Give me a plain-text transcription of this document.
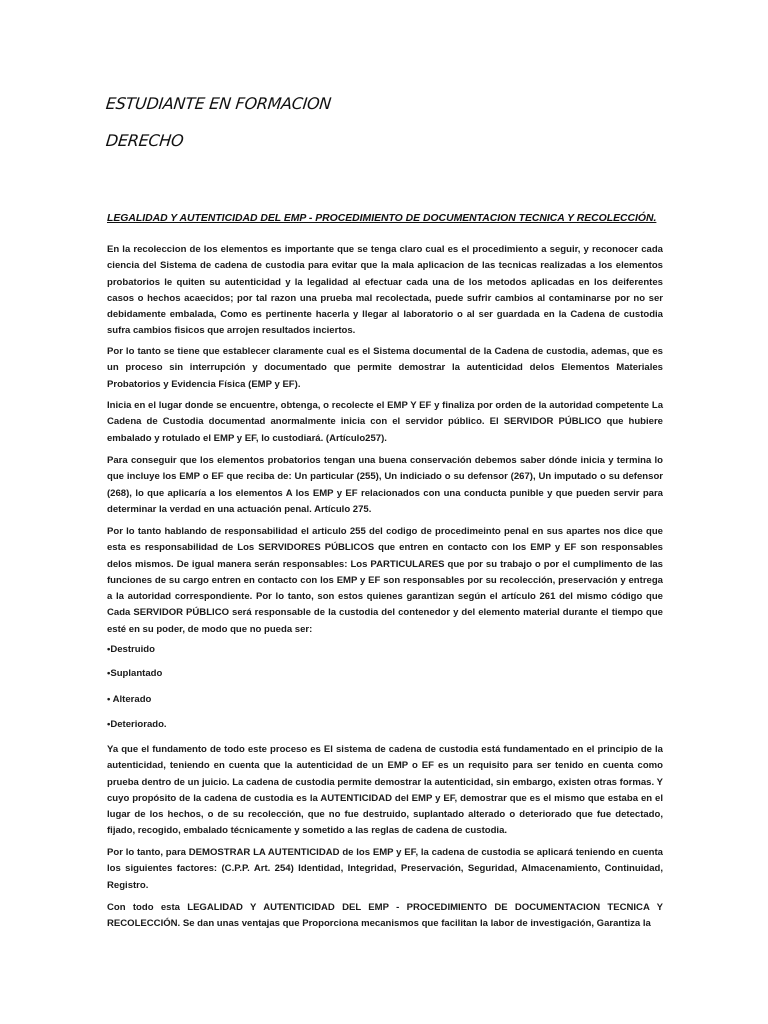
ESTUDIANTE EN FORMACION
DERECHO
LEGALIDAD Y AUTENTICIDAD DEL EMP - PROCEDIMIENTO DE DOCUMENTACION TECNICA Y RECOLECCIÓN.
En la recoleccion de los elementos es importante que se tenga claro cual es el procedimiento a seguir, y reconocer cada ciencia del Sistema de cadena de custodia para evitar que la mala aplicacion de las tecnicas realizadas a los elementos probatorios le quiten su autenticidad y la legalidad al efectuar cada una de los metodos aplicadas en los deiferentes casos o hechos acaecidos; por tal razon una prueba mal recolectada, puede sufrir cambios al contaminarse por no ser debidamente embalada, Como es pertinente hacerla y llegar al laboratorio o al ser guardada en la Cadena de custodia sufra cambios fisicos que arrojen resultados inciertos.
Por lo tanto se tiene que establecer claramente cual es el Sistema documental de la Cadena de custodia, ademas, que es un proceso sin interrupción y documentado que permite demostrar la autenticidad delos Elementos Materiales Probatorios y Evidencia Física (EMP y EF).
Inicia en el lugar donde se encuentre, obtenga, o recolecte el EMP Y EF y finaliza por orden de la autoridad competente La Cadena de Custodia documentad anormalmente inicia con el servidor público. El SERVIDOR PÚBLICO que hubiere embalado y rotulado el EMP y EF, lo custodiará. (Artículo257).
Para conseguir que los elementos probatorios tengan una buena conservación debemos saber dónde inicia y termina lo que incluye los EMP o EF que reciba de: Un particular (255), Un indiciado o su defensor (267), Un imputado o su defensor (268), lo que aplicaría a los elementos A los EMP y EF relacionados con una conducta punible y que pueden servir para determinar la verdad en una actuación penal. Artículo 275.
Por lo tanto hablando de responsabilidad el articulo 255 del codigo de procedimeinto penal en sus apartes nos dice que esta es responsabilidad de Los SERVIDORES PÚBLICOS que entren en contacto con los EMP y EF son responsables delos mismos. De igual manera serán responsables: Los PARTICULARES que por su trabajo o por el cumplimento de las funciones de su cargo entren en contacto con los EMP y EF son responsables por su recolección, preservación y entrega a la autoridad correspondiente. Por lo tanto, son estos quienes garantizan según el artículo 261 del mismo código que Cada SERVIDOR PÚBLICO será responsable de la custodia del contenedor y del elemento material durante el tiempo que esté en su poder, de modo que no pueda ser:
•Destruido
•Suplantado
• Alterado
•Deteriorado.
Ya que el fundamento de todo este proceso es El sistema de cadena de custodia está fundamentado en el principio de la autenticidad, teniendo en cuenta que la autenticidad de un EMP o EF es un requisito para ser tenido en cuenta como prueba dentro de un juicio. La cadena de custodia permite demostrar la autenticidad, sin embargo, existen otras formas. Y cuyo propósito de la cadena de custodia es la AUTENTICIDAD del EMP y EF, demostrar que es el mismo que estaba en el lugar de los hechos, o de su recolección, que no fue destruido, suplantado alterado o deteriorado que fue detectado, fijado, recogido, embalado técnicamente y sometido a las reglas de cadena de custodia.
Por lo tanto, para DEMOSTRAR LA AUTENTICIDAD de los EMP y EF, la cadena de custodia se aplicará teniendo en cuenta los siguientes factores: (C.P.P. Art. 254) Identidad, Integridad, Preservación, Seguridad, Almacenamiento, Continuidad, Registro.
Con todo esta LEGALIDAD Y AUTENTICIDAD DEL EMP - PROCEDIMIENTO DE DOCUMENTACION TECNICA Y RECOLECCIÓN. Se dan unas ventajas que Proporciona mecanismos que facilitan la labor de investigación, Garantiza la
